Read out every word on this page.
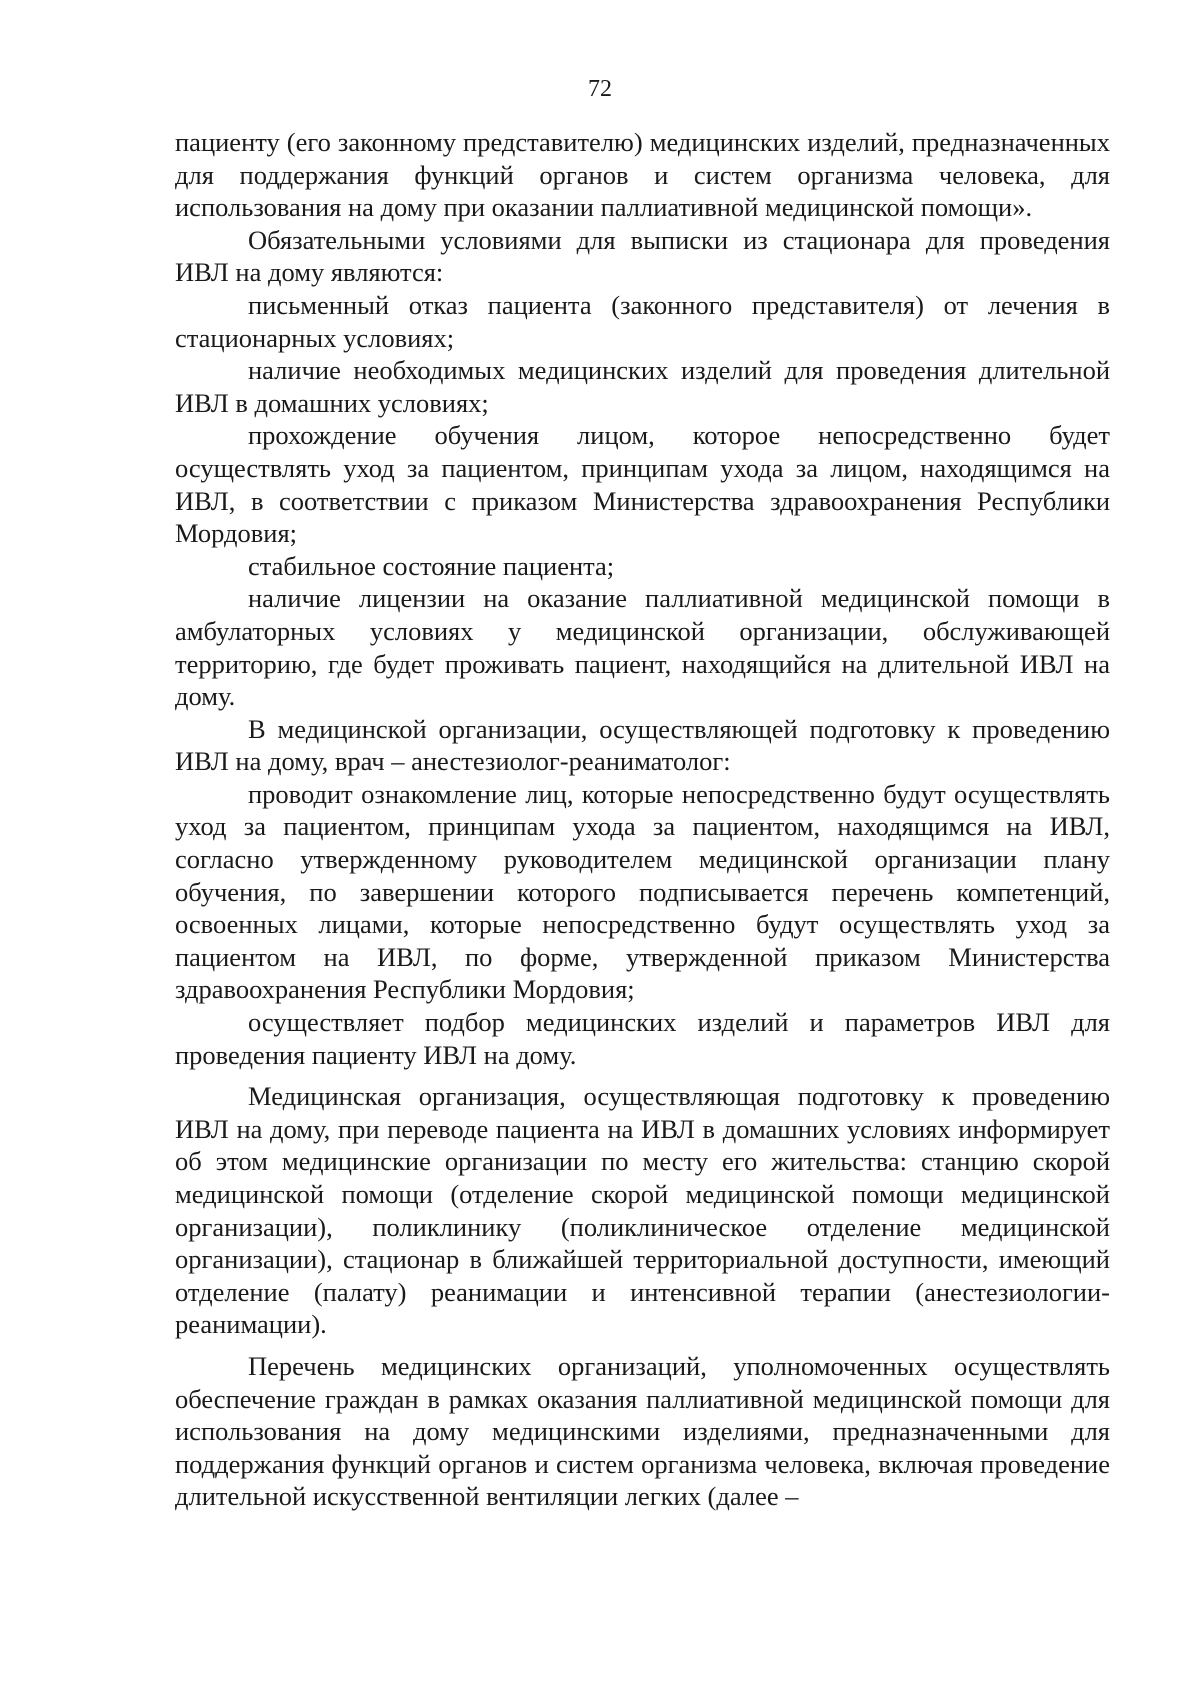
72

пациенту (его законному представителю) медицинских изделий, предназначенных для поддержания функций органов и систем организма человека, для использования на дому при оказании паллиативной медицинской помощи».

Обязательными условиями для выписки из стационара для проведения ИВЛ на дому являются:

письменный отказ пациента (законного представителя) от лечения в стационарных условиях;

наличие необходимых медицинских изделий для проведения длительной ИВЛ в домашних условиях;

прохождение обучения лицом, которое непосредственно будет осуществлять уход за пациентом, принципам ухода за лицом, находящимся на ИВЛ, в соответствии с приказом Министерства здравоохранения Республики Мордовия;

стабильное состояние пациента;

наличие лицензии на оказание паллиативной медицинской помощи в амбулаторных условиях у медицинской организации, обслуживающей территорию, где будет проживать пациент, находящийся на длительной ИВЛ на дому.

В медицинской организации, осуществляющей подготовку к проведению ИВЛ на дому, врач – анестезиолог-реаниматолог:

проводит ознакомление лиц, которые непосредственно будут осуществлять уход за пациентом, принципам ухода за пациентом, находящимся на ИВЛ, согласно утвержденному руководителем медицинской организации плану обучения, по завершении которого подписывается перечень компетенций, освоенных лицами, которые непосредственно будут осуществлять уход за пациентом на ИВЛ, по форме, утвержденной приказом Министерства здравоохранения Республики Мордовия;

осуществляет подбор медицинских изделий и параметров ИВЛ для проведения пациенту ИВЛ на дому.

Медицинская организация, осуществляющая подготовку к проведению ИВЛ на дому, при переводе пациента на ИВЛ в домашних условиях информирует об этом медицинские организации по месту его жительства: станцию скорой медицинской помощи (отделение скорой медицинской помощи медицинской организации), поликлинику (поликлиническое отделение медицинской организации), стационар в ближайшей территориальной доступности, имеющий отделение (палату) реанимации и интенсивной терапии (анестезиологии-реанимации).

Перечень медицинских организаций, уполномоченных осуществлять обеспечение граждан в рамках оказания паллиативной медицинской помощи для использования на дому медицинскими изделиями, предназначенными для поддержания функций органов и систем организма человека, включая проведение длительной искусственной вентиляции легких (далее –
